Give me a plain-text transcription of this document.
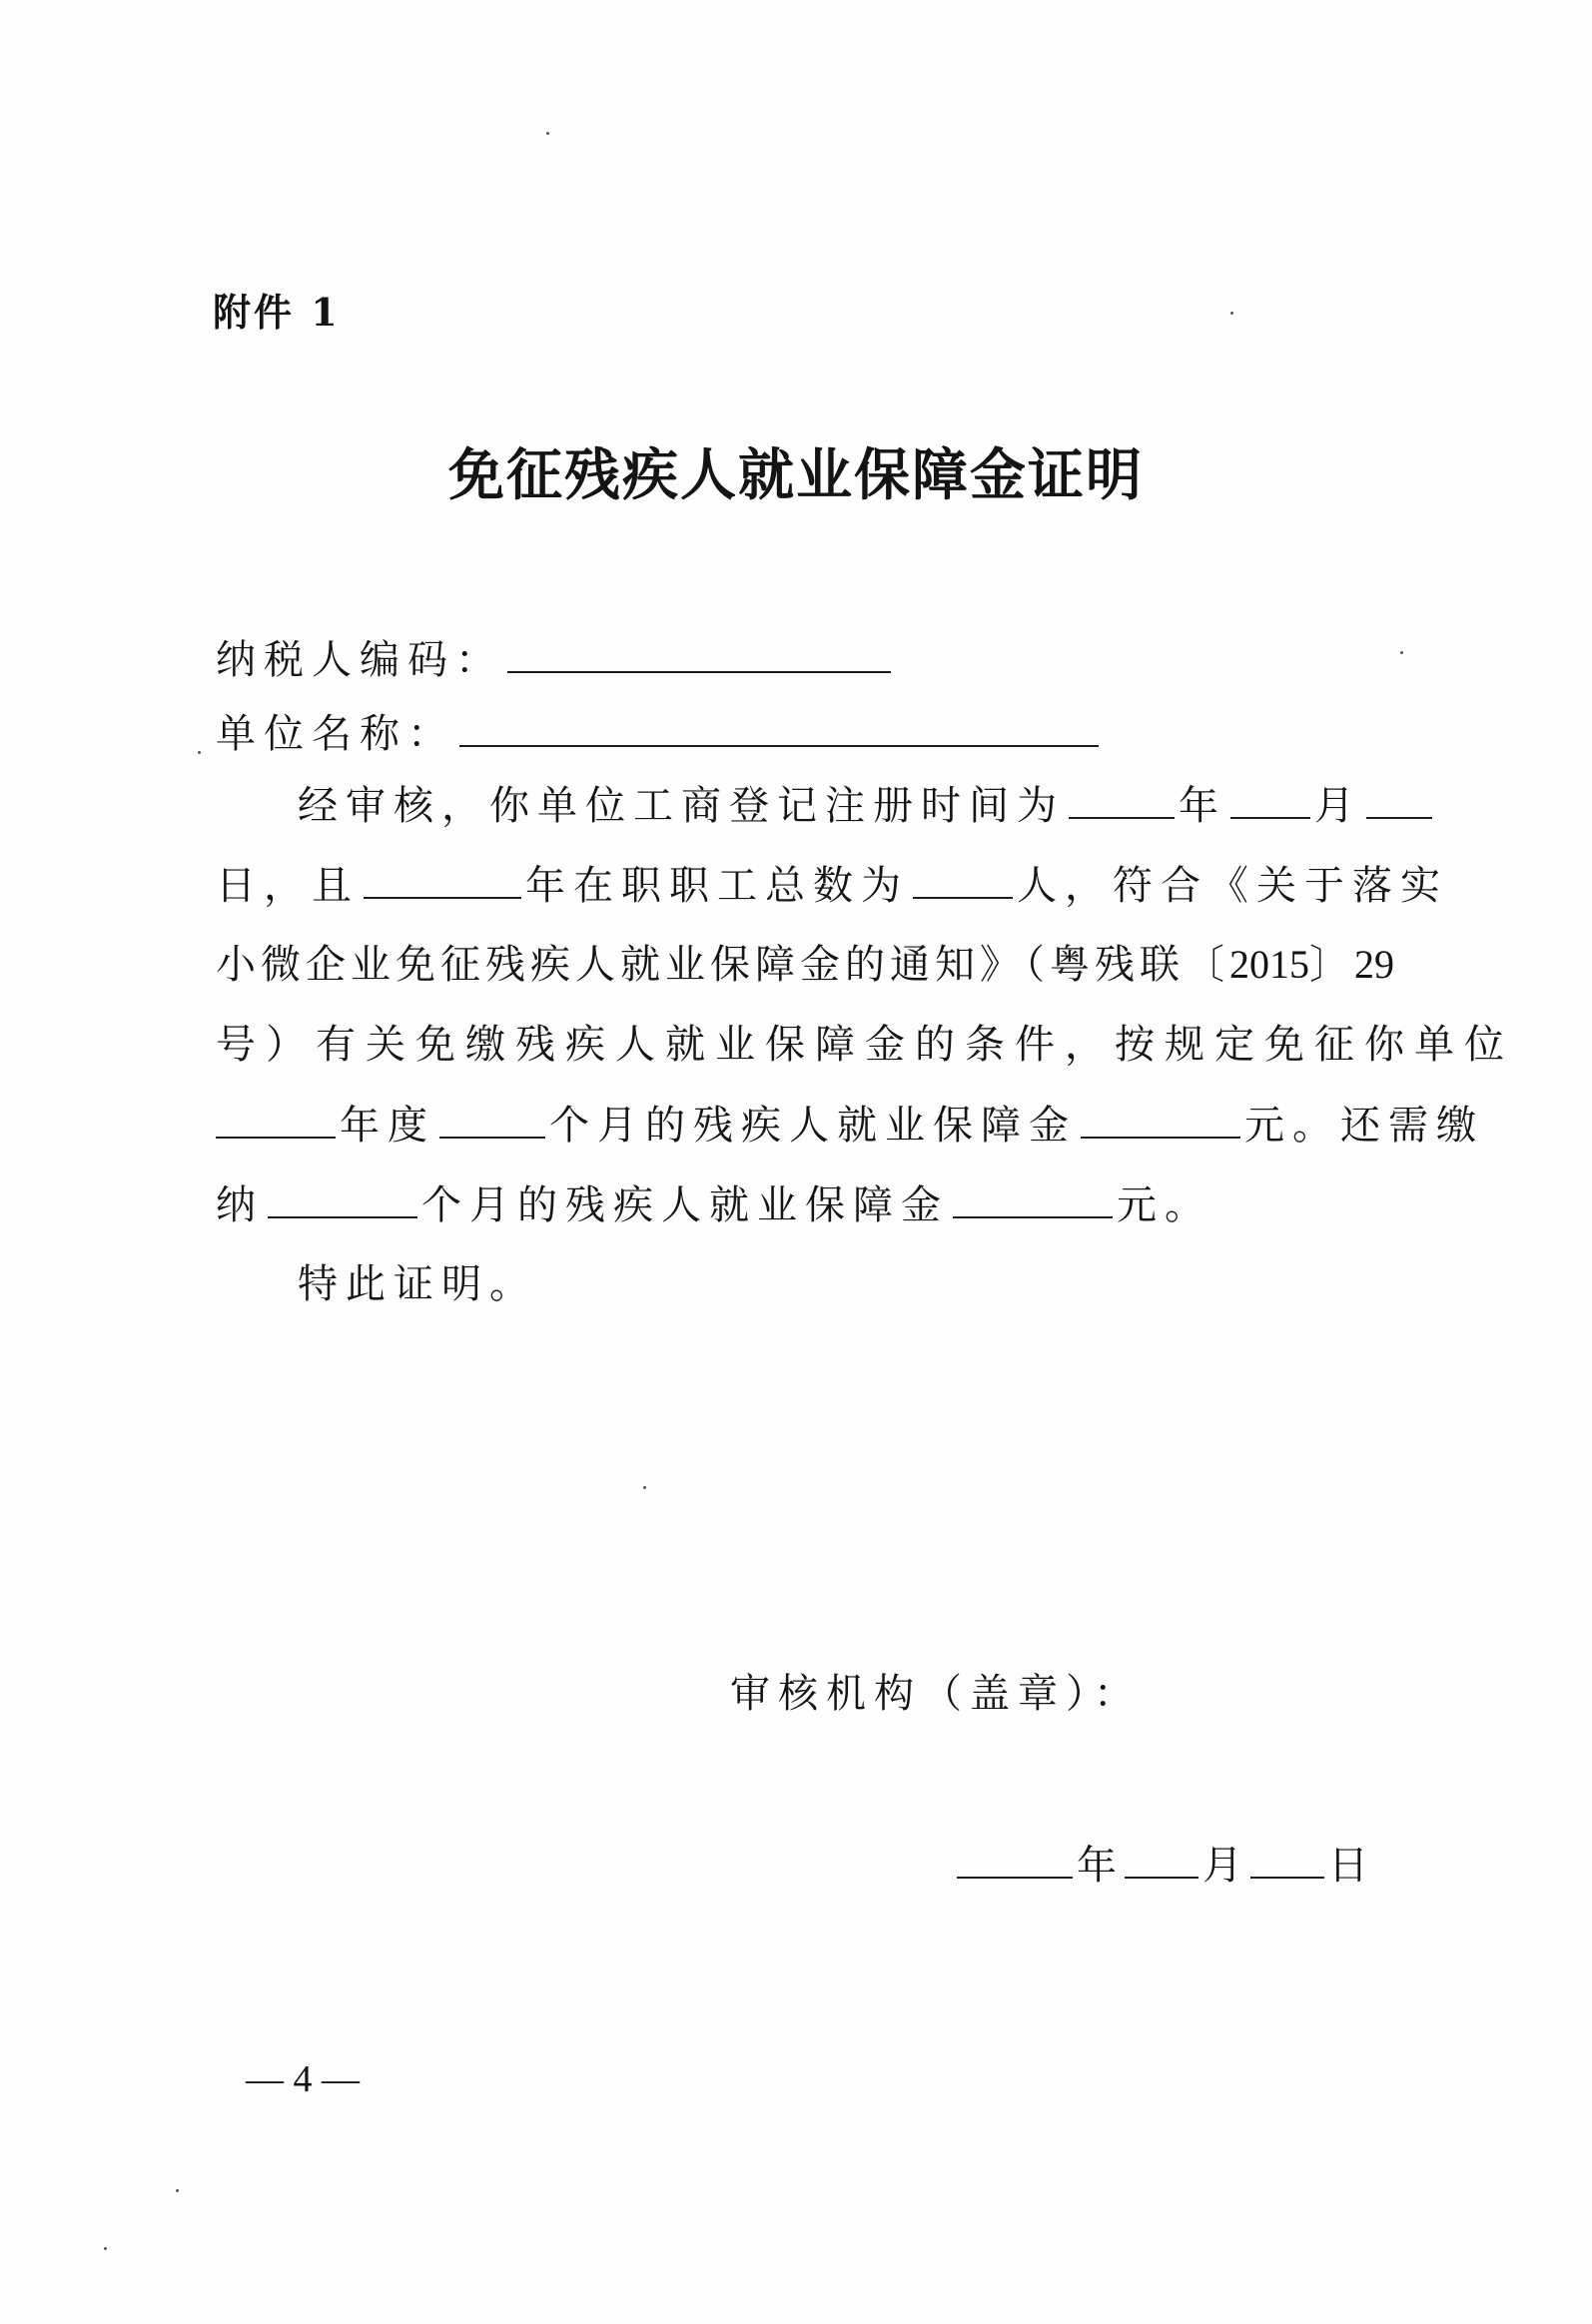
附件 1
免征残疾人就业保障金证明
纳税人编码：
单位名称：
经审核，你单位工商登记注册时间为	年 月
日，且	年在职职工总数为	人，符合《关于落实
小微企业免征残疾人就业保障金的通知》（粤残联〔2015〕29
号）有关免缴残疾人就业保障金的条件，按规定免征你单位
年度	个月的残疾人就业保障金	元。还需缴
纳	个月的残疾人就业保障金	元。
特此证明。
审核机构（盖章）：
年 月 日
— 4 —
